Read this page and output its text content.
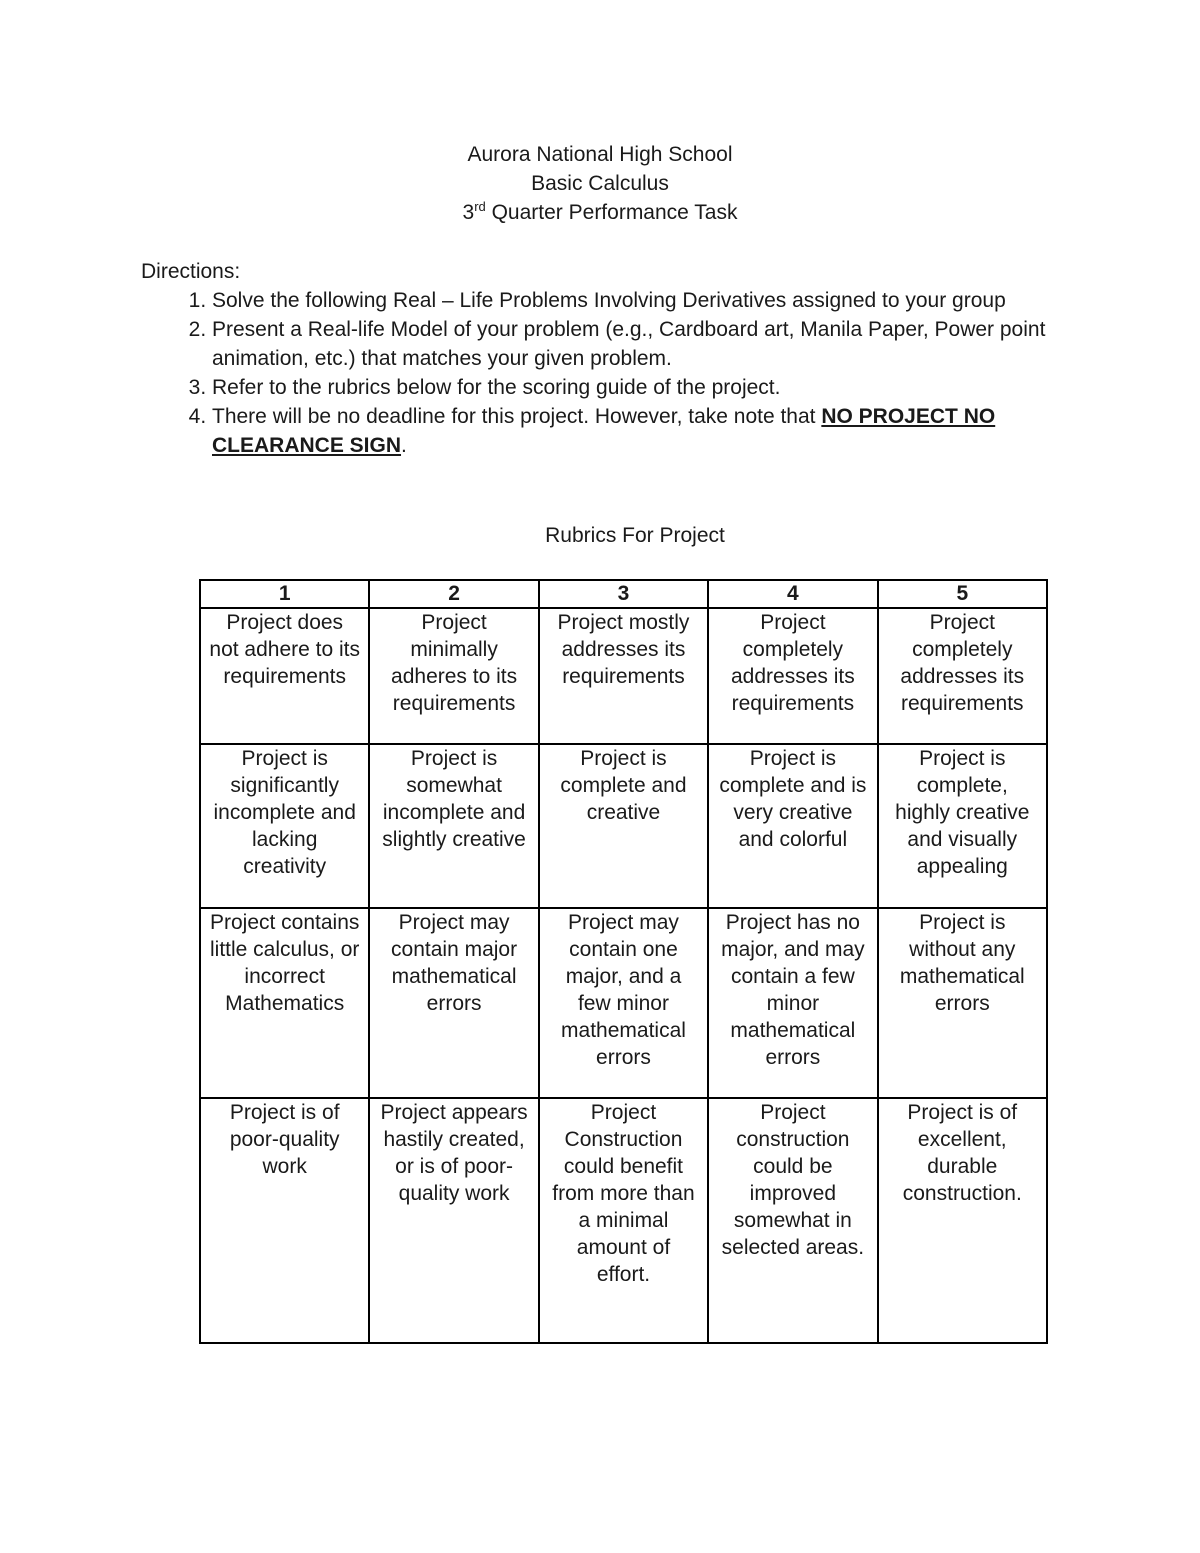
Aurora National High School
Basic Calculus
3rd Quarter Performance Task
Directions:
1. Solve the following Real – Life Problems Involving Derivatives assigned to your group
2. Present a Real-life Model of your problem (e.g., Cardboard art, Manila Paper, Power point animation, etc.) that matches your given problem.
3. Refer to the rubrics below for the scoring guide of the project.
4. There will be no deadline for this project. However, take note that NO PROJECT NO CLEARANCE SIGN.
Rubrics For Project
1	2	3	4	5
Project does not adhere to its requirements	Project minimally adheres to its requirements	Project mostly addresses its requirements	Project completely addresses its requirements	Project completely addresses its requirements
Project is significantly incomplete and lacking creativity	Project is somewhat incomplete and slightly creative	Project is complete and creative	Project is complete and is very creative and colorful	Project is complete, highly creative and visually appealing
Project contains little calculus, or incorrect Mathematics	Project may contain major mathematical errors	Project may contain one major, and a few minor mathematical errors	Project has no major, and may contain a few minor mathematical errors	Project is without any mathematical errors
Project is of poor-quality work	Project appears hastily created, or is of poor-quality work	Project Construction could benefit from more than a minimal amount of effort.	Project construction could be improved somewhat in selected areas.	Project is of excellent, durable construction.
